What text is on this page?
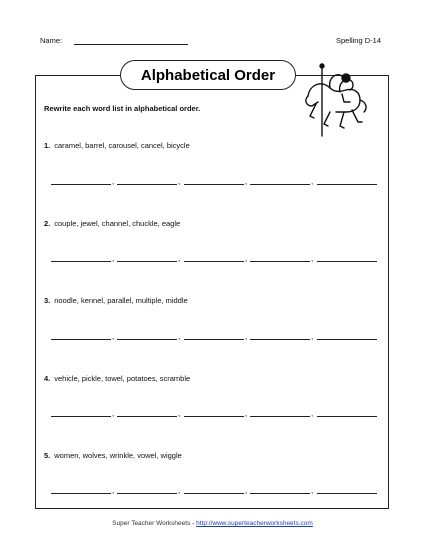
Name:	Spelling D-14
Alphabetical Order
Rewrite each word list in alphabetical order.
1. caramel, barrel, carousel, cancel, bicycle
,	,	,	,
2. couple, jewel, channel, chuckle, eagle
,	,	,	,
3. noodle, kennel, parallel, multiple, middle
,	,	,	,
4. vehicle, pickle, towel, potatoes, scramble
,	,	,	,
5. women, wolves, wrinkle, vowel, wiggle
,	,	,	,
Super Teacher Worksheets - http://www.superteacherworksheets.com
